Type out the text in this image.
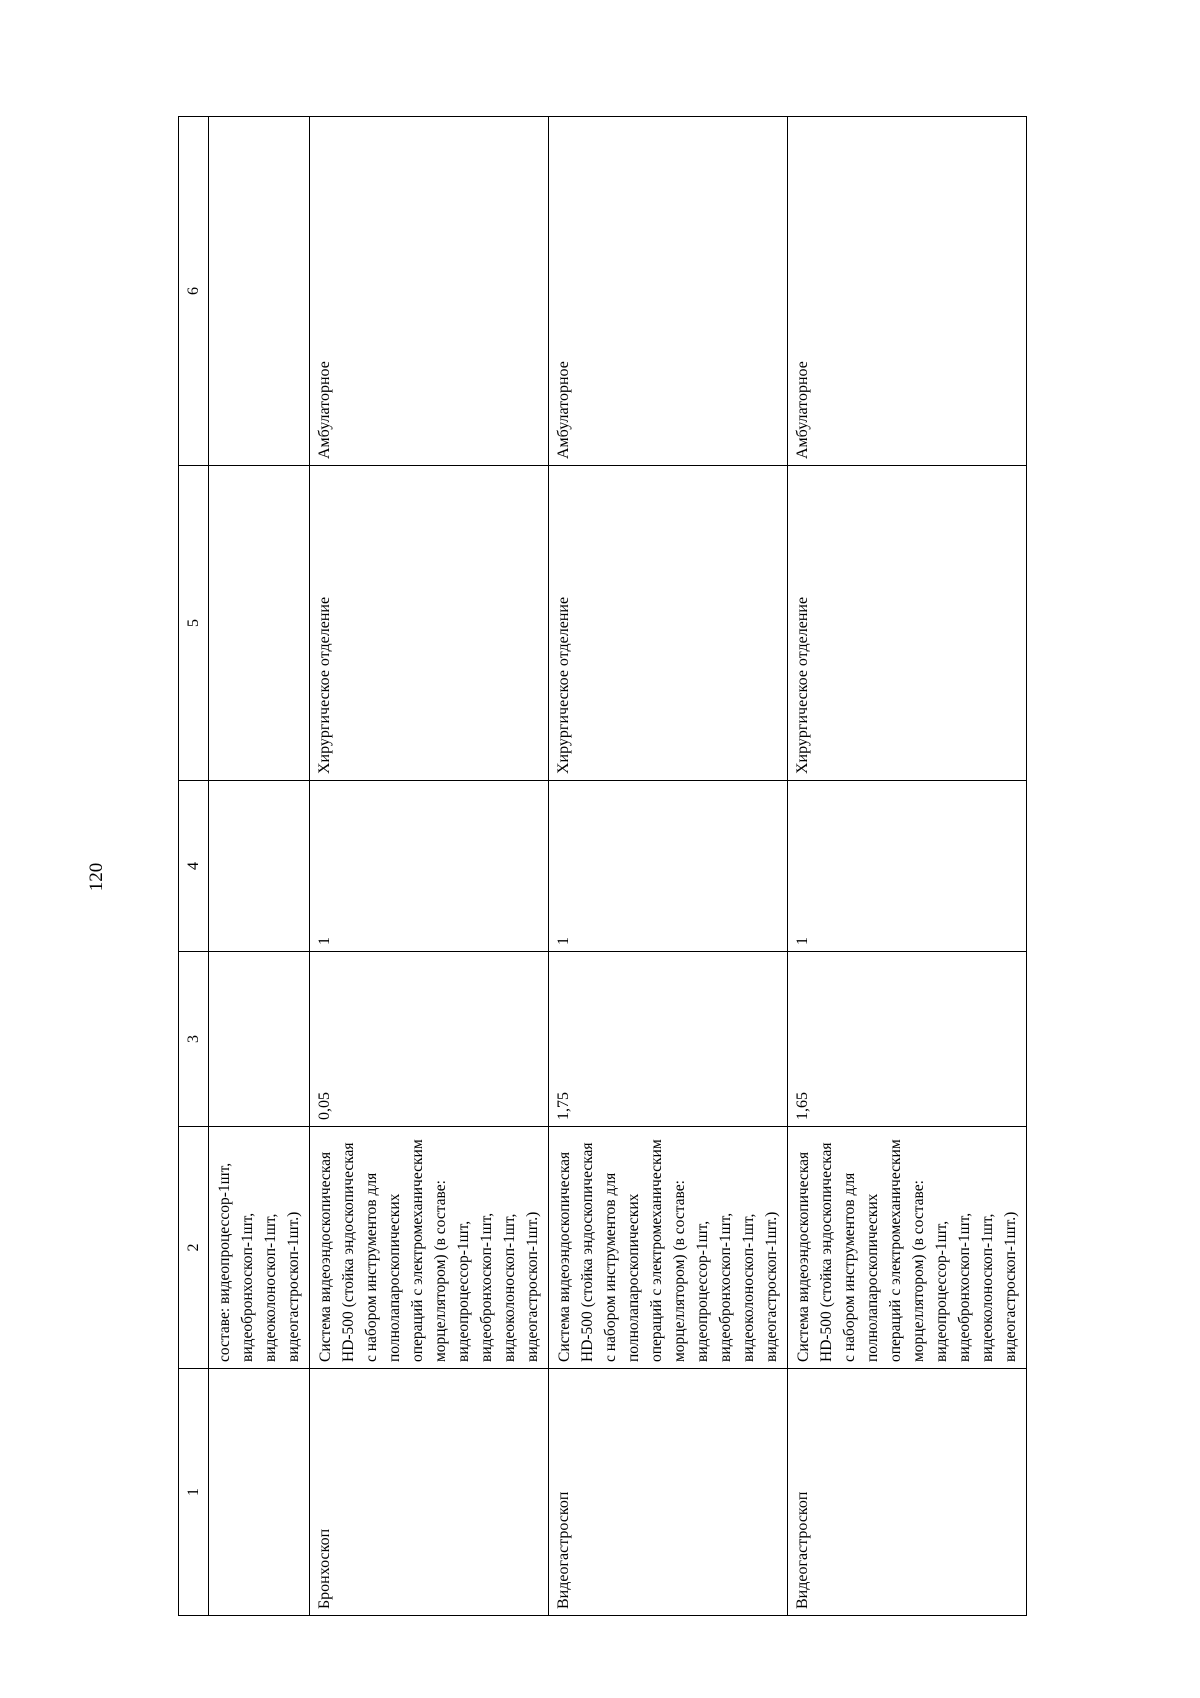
120
1	2	3	4	5	6
	составе: видеопроцессор-1шт, видеобронхоскоп-1шт, видеоколоноскоп-1шт, видеогастроскоп-1шт.)				
Бронхоскоп	Система видеоэндоскопическая HD-500 (стойка эндоскопическая с набором инструментов для полнолапароскопических операций с электромеханическим морцеллятором) (в составе: видеопроцессор-1шт, видеобронхоскоп-1шт, видеоколоноскоп-1шт, видеогастроскоп-1шт.)	0,05	1	Хирургическое отделение	Амбулаторное
Видеогастроскоп	Система видеоэндоскопическая HD-500 (стойка эндоскопическая с набором инструментов для полнолапароскопических операций с электромеханическим морцеллятором) (в составе: видеопроцессор-1шт, видеобронхоскоп-1шт, видеоколоноскоп-1шт, видеогастроскоп-1шт.)	1,75	1	Хирургическое отделение	Амбулаторное
Видеогастроскоп	Система видеоэндоскопическая HD-500 (стойка эндоскопическая с набором инструментов для полнолапароскопических операций с электромеханическим морцеллятором) (в составе: видеопроцессор-1шт, видеобронхоскоп-1шт, видеоколоноскоп-1шт, видеогастроскоп-1шт.)	1,65	1	Хирургическое отделение	Амбулаторное
